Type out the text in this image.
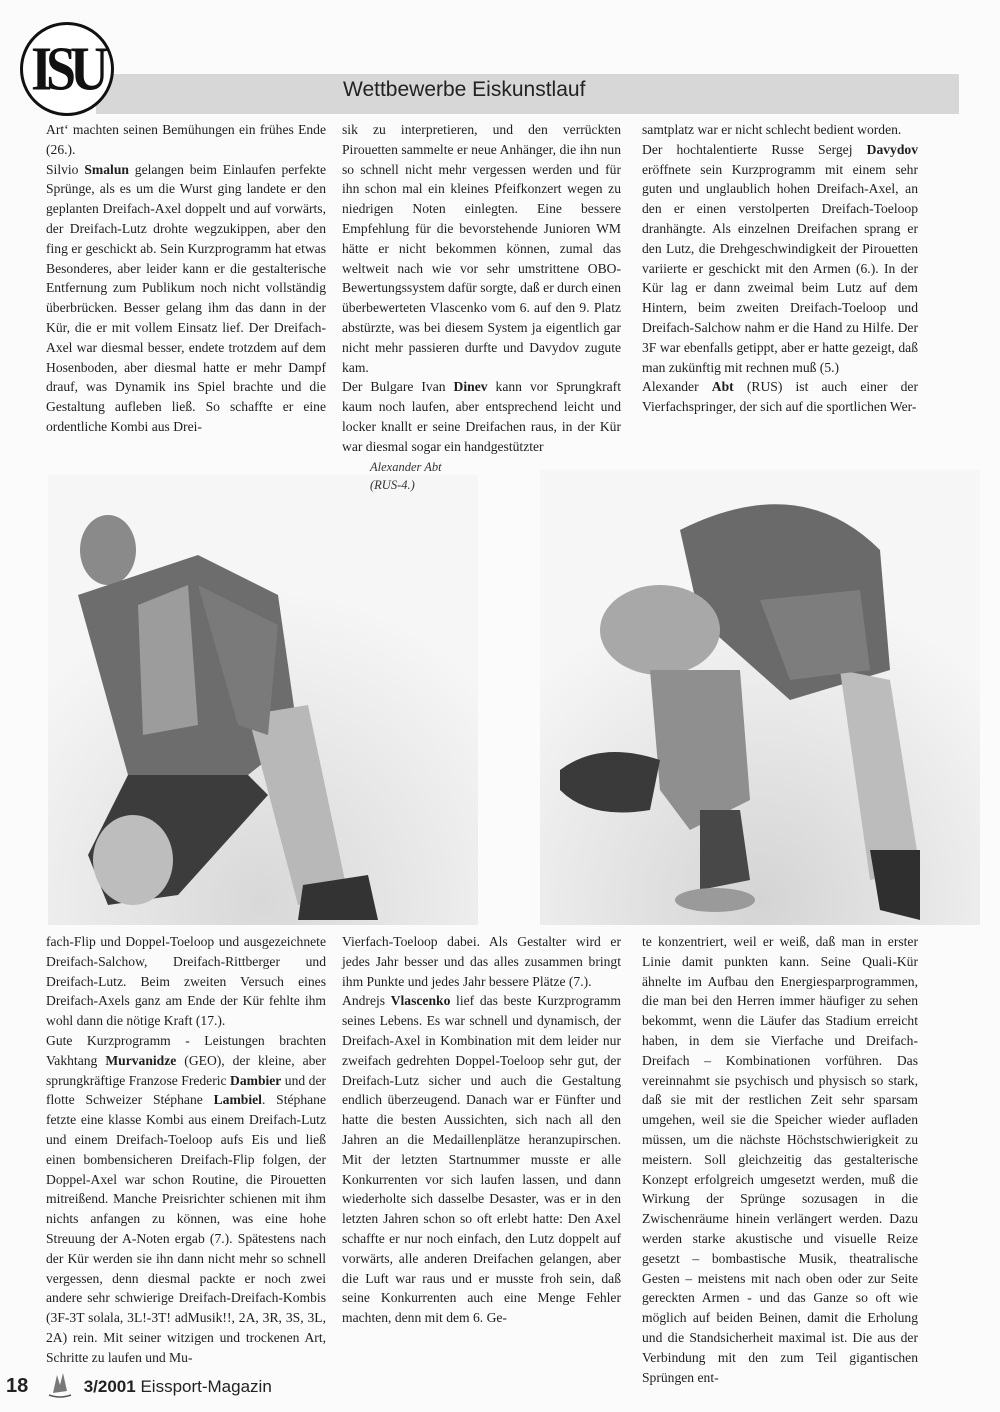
ISU	Wettbewerbe Eiskunstlauf

Art‘ machten seinen Bemühungen ein frühes Ende (26.).

Silvio Smalun gelangen beim Einlaufen perfekte Sprünge, als es um die Wurst ging landete er den geplanten Dreifach-Axel doppelt und auf vorwärts, der Dreifach-Lutz drohte wegzukippen, aber den fing er geschickt ab. Sein Kurzprogramm hat etwas Besonderes, aber leider kann er die gestalterische Entfernung zum Publikum noch nicht vollständig überbrücken. Besser gelang ihm das dann in der Kür, die er mit vollem Einsatz lief. Der Dreifach-Axel war diesmal besser, endete trotzdem auf dem Hosenboden, aber diesmal hatte er mehr Dampf drauf, was Dynamik ins Spiel brachte und die Gestaltung aufleben ließ. So schaffte er eine ordentliche Kombi aus Drei-

sik zu interpretieren, und den verrückten Pirouetten sammelte er neue Anhänger, die ihn nun so schnell nicht mehr vergessen werden und für ihn schon mal ein kleines Pfeifkonzert wegen zu niedrigen Noten einlegten. Eine bessere Empfehlung für die bevorstehende Junioren WM hätte er nicht bekommen können, zumal das weltweit nach wie vor sehr umstrittene OBO-Bewertungssystem dafür sorgte, daß er durch einen überbewerteten Vlascenko vom 6. auf den 9. Platz abstürzte, was bei diesem System ja eigentlich gar nicht mehr passieren durfte und Davydov zugute kam.

Der Bulgare Ivan Dinev kann vor Sprungkraft kaum noch laufen, aber entsprechend leicht und locker knallt er seine Dreifachen raus, in der Kür war diesmal sogar ein handgestützter

samtplatz war er nicht schlecht bedient worden.

Der hochtalentierte Russe Sergej Davydov eröffnete sein Kurzprogramm mit einem sehr guten und unglaublich hohen Dreifach-Axel, an den er einen verstolperten Dreifach-Toeloop dranhängte. Als einzelnen Dreifachen sprang er den Lutz, die Drehgeschwindigkeit der Pirouetten variierte er geschickt mit den Armen (6.). In der Kür lag er dann zweimal beim Lutz auf dem Hintern, beim zweiten Dreifach-Toeloop und Dreifach-Salchow nahm er die Hand zu Hilfe. Der 3F war ebenfalls getippt, aber er hatte gezeigt, daß man zukünftig mit rechnen muß (5.)

Alexander Abt (RUS) ist auch einer der Vierfachspringer, der sich auf die sportlichen Wer-

Alexander Abt
(RUS-4.)

fach-Flip und Doppel-Toeloop und ausgezeichnete Dreifach-Salchow, Dreifach-Rittberger und Dreifach-Lutz. Beim zweiten Versuch eines Dreifach-Axels ganz am Ende der Kür fehlte ihm wohl dann die nötige Kraft (17.).

Gute Kurzprogramm - Leistungen brachten Vakhtang Murvanidze (GEO), der kleine, aber sprungkräftige Franzose Frederic Dambier und der flotte Schweizer Stéphane Lambiel. Stéphane fetzte eine klasse Kombi aus einem Dreifach-Lutz und einem Dreifach-Toeloop aufs Eis und ließ einen bombensicheren Dreifach-Flip folgen, der Doppel-Axel war schon Routine, die Pirouetten mitreißend. Manche Preisrichter schienen mit ihm nichts anfangen zu können, was eine hohe Streuung der A-Noten ergab (7.). Spätestens nach der Kür werden sie ihn dann nicht mehr so schnell vergessen, denn diesmal packte er noch zwei andere sehr schwierige Dreifach-Dreifach-Kombis (3F-3T solala, 3L!-3T! adMusik!!, 2A, 3R, 3S, 3L, 2A) rein. Mit seiner witzigen und trockenen Art, Schritte zu laufen und Mu-

Vierfach-Toeloop dabei. Als Gestalter wird er jedes Jahr besser und das alles zusammen bringt ihm Punkte und jedes Jahr bessere Plätze (7.).

Andrejs Vlascenko lief das beste Kurzprogramm seines Lebens. Es war schnell und dynamisch, der Dreifach-Axel in Kombination mit dem leider nur zweifach gedrehten Doppel-Toeloop sehr gut, der Dreifach-Lutz sicher und auch die Gestaltung endlich überzeugend. Danach war er Fünfter und hatte die besten Aussichten, sich nach all den Jahren an die Medaillenplätze heranzupirschen. Mit der letzten Startnummer musste er alle Konkurrenten vor sich laufen lassen, und dann wiederholte sich dasselbe Desaster, was er in den letzten Jahren schon so oft erlebt hatte: Den Axel schaffte er nur noch einfach, den Lutz doppelt auf vorwärts, alle anderen Dreifachen gelangen, aber die Luft war raus und er musste froh sein, daß seine Konkurrenten auch eine Menge Fehler machten, denn mit dem 6. Ge-

te konzentriert, weil er weiß, daß man in erster Linie damit punkten kann. Seine Quali-Kür ähnelte im Aufbau den Energiesparprogrammen, die man bei den Herren immer häufiger zu sehen bekommt, wenn die Läufer das Stadium erreicht haben, in dem sie Vierfache und Dreifach-Dreifach – Kombinationen vorführen. Das vereinnahmt sie psychisch und physisch so stark, daß sie mit der restlichen Zeit sehr sparsam umgehen, weil sie die Speicher wieder aufladen müssen, um die nächste Höchstschwierigkeit zu meistern. Soll gleichzeitig das gestalterische Konzept erfolgreich umgesetzt werden, muß die Wirkung der Sprünge sozusagen in die Zwischenräume hinein verlängert werden. Dazu werden starke akustische und visuelle Reize gesetzt – bombastische Musik, theatralische Gesten – meistens mit nach oben oder zur Seite gereckten Armen - und das Ganze so oft wie möglich auf beiden Beinen, damit die Erholung und die Standsicherheit maximal ist. Die aus der Verbindung mit den zum Teil gigantischen Sprüngen ent-

18	3/2001 Eissport-Magazin
